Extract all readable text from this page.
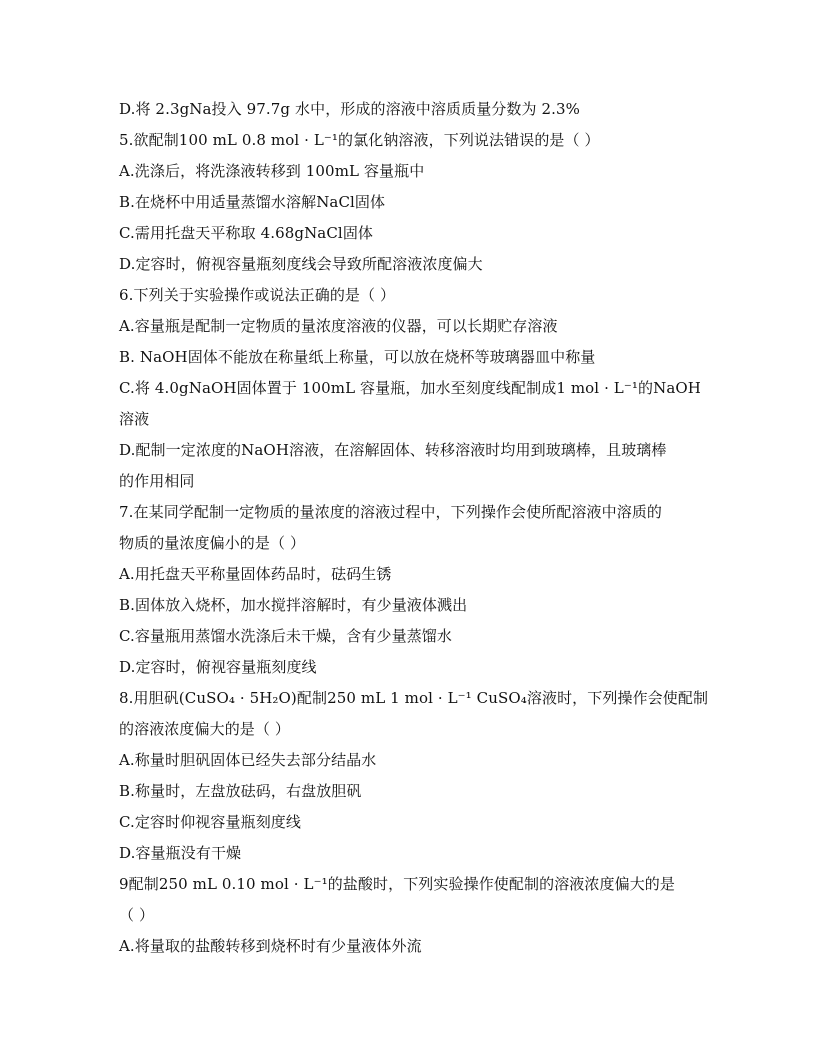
D.将 2.3gNa投入 97.7g 水中，形成的溶液中溶质质量分数为 2.3%
5.欲配制100 mL 0.8 mol · L⁻¹的氯化钠溶液，下列说法错误的是（ ）
A.洗涤后，将洗涤液转移到 100mL 容量瓶中
B.在烧杯中用适量蒸馏水溶解NaCl固体
C.需用托盘天平称取 4.68gNaCl固体
D.定容时，俯视容量瓶刻度线会导致所配溶液浓度偏大
6.下列关于实验操作或说法正确的是（ ）
A.容量瓶是配制一定物质的量浓度溶液的仪器，可以长期贮存溶液
B. NaOH固体不能放在称量纸上称量，可以放在烧杯等玻璃器皿中称量
C.将 4.0gNaOH固体置于 100mL 容量瓶，加水至刻度线配制成1 mol · L⁻¹的NaOH
溶液
D.配制一定浓度的NaOH溶液，在溶解固体、转移溶液时均用到玻璃棒，且玻璃棒
的作用相同
7.在某同学配制一定物质的量浓度的溶液过程中，下列操作会使所配溶液中溶质的
物质的量浓度偏小的是（ ）
A.用托盘天平称量固体药品时，砝码生锈
B.固体放入烧杯，加水搅拌溶解时，有少量液体溅出
C.容量瓶用蒸馏水洗涤后未干燥，含有少量蒸馏水
D.定容时，俯视容量瓶刻度线
8.用胆矾(CuSO₄ · 5H₂O)配制250 mL 1 mol · L⁻¹ CuSO₄溶液时，下列操作会使配制
的溶液浓度偏大的是（ ）
A.称量时胆矾固体已经失去部分结晶水
B.称量时，左盘放砝码，右盘放胆矾
C.定容时仰视容量瓶刻度线
D.容量瓶没有干燥
9配制250 mL 0.10 mol · L⁻¹的盐酸时，下列实验操作使配制的溶液浓度偏大的是
（ ）
A.将量取的盐酸转移到烧杯时有少量液体外流
